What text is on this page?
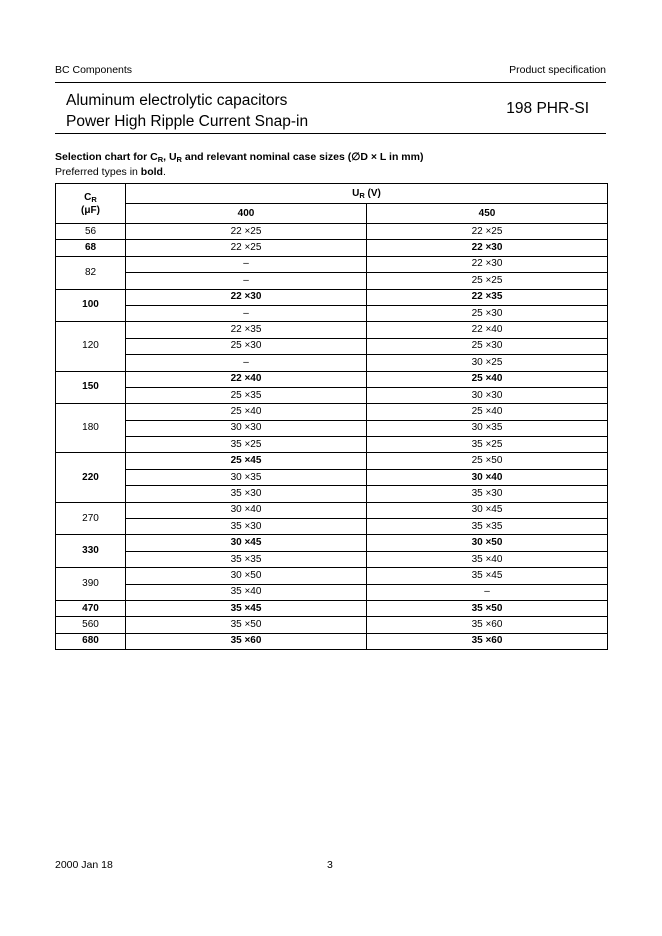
BC Components	Product specification
Aluminum electrolytic capacitors
Power High Ripple Current Snap-in
198 PHR-SI
Selection chart for $C_R$, $U_R$ and relevant nominal case sizes (∅D × L in mm)
Preferred types in bold.
$C_R$
(μF)	$U_R$ (V)	
	400	450
56	22 ×25	22 ×25
68	22 ×25	22 ×30
82	–	22 ×30
	–	25 ×25
100	22 ×30	22 ×35
	–	25 ×30
120	22 ×35	22 ×40
	25 ×30	25 ×30
	–	30 ×25
150	22 ×40	25 ×40
	25 ×35	30 ×30
180	25 ×40	25 ×40
	30 ×30	30 ×35
	35 ×25	35 ×25
220	25 ×45	25 ×50
	30 ×35	30 ×40
	35 ×30	35 ×30
270	30 ×40	30 ×45
	35 ×30	35 ×35
330	30 ×45	30 ×50
	35 ×35	35 ×40
390	30 ×50	35 ×45
	35 ×40	–
470	35 ×45	35 ×50
560	35 ×50	35 ×60
680	35 ×60	35 ×60
2000 Jan 18	3
